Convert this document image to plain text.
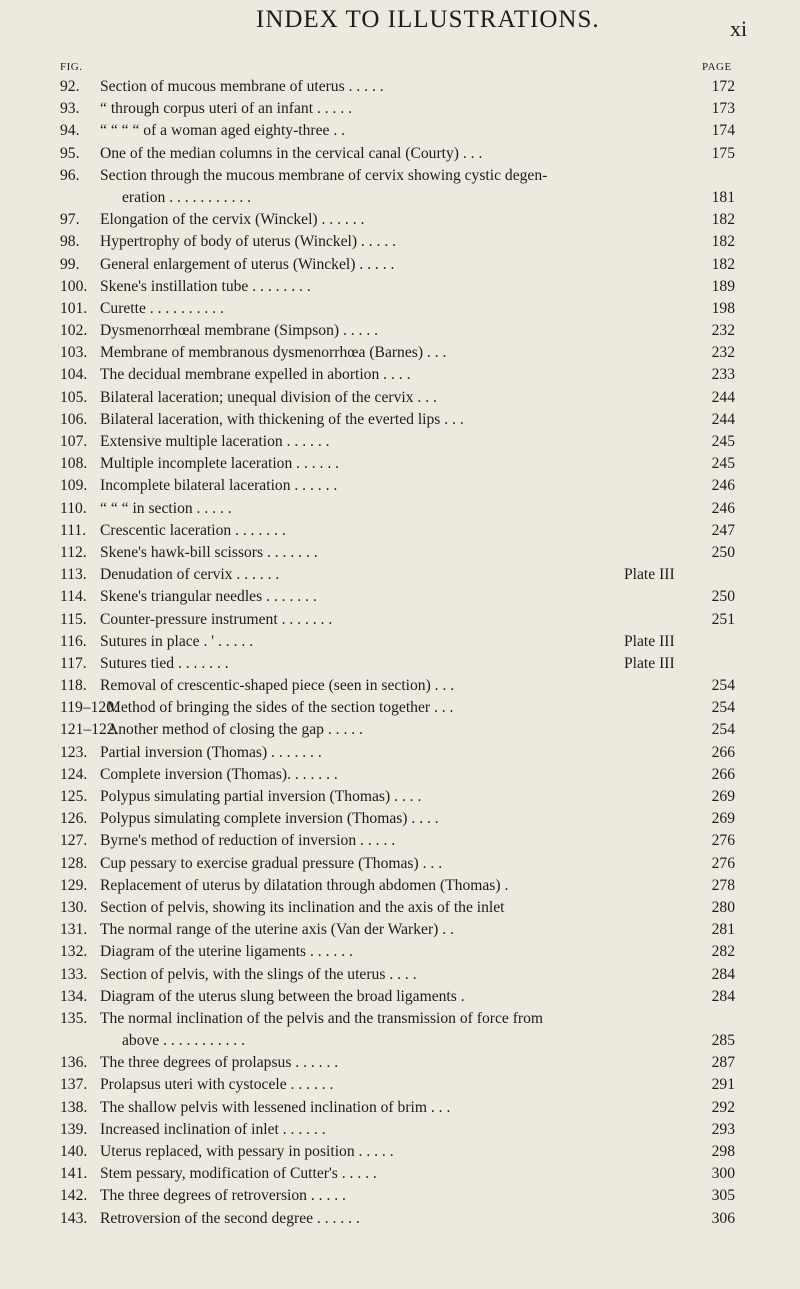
INDEX TO ILLUSTRATIONS.	xi
FIG.	PAGE
92. Section of mucous membrane of uterus . . . . .	172
93. “ through corpus uteri of an infant . . . . .	173
94. “ “ “ “ of a woman aged eighty-three . .	174
95. One of the median columns in the cervical canal (Courty) . . .	175
96. Section through the mucous membrane of cervix showing cystic degen-
eration . . . . . . . . . . .	181
97. Elongation of the cervix (Winckel) . . . . . .	182
98. Hypertrophy of body of uterus (Winckel) . . . . .	182
99. General enlargement of uterus (Winckel) . . . . .	182
100. Skene's instillation tube . . . . . . . .	189
101. Curette . . . . . . . . . .	198
102. Dysmenorrhœal membrane (Simpson) . . . . .	232
103. Membrane of membranous dysmenorrhœa (Barnes) . . .	232
104. The decidual membrane expelled in abortion . . . .	233
105. Bilateral laceration; unequal division of the cervix . . .	244
106. Bilateral laceration, with thickening of the everted lips . . .	244
107. Extensive multiple laceration . . . . . .	245
108. Multiple incomplete laceration . . . . . .	245
109. Incomplete bilateral laceration . . . . . .	246
110. “ “ “ in section . . . . .	246
111. Crescentic laceration . . . . . . .	247
112. Skene's hawk-bill scissors . . . . . . .	250
113. Denudation of cervix . . . . . .	Plate III
114. Skene's triangular needles . . . . . . .	250
115. Counter-pressure instrument . . . . . . .	251
116. Sutures in place . ' . . . . .	Plate III
117. Sutures tied . . . . . . .	Plate III
118. Removal of crescentic-shaped piece (seen in section) . . .	254
119–120.
Method of bringing the sides of the section together . . .	254
121–122.
Another method of closing the gap . . . . .	254
123. Partial inversion (Thomas) . . . . . . .	266
124. Complete inversion (Thomas). . . . . . .	266
125. Polypus simulating partial inversion (Thomas) . . . .	269
126. Polypus simulating complete inversion (Thomas) . . . .	269
127. Byrne's method of reduction of inversion . . . . .	276
128. Cup pessary to exercise gradual pressure (Thomas) . . .	276
129. Replacement of uterus by dilatation through abdomen (Thomas) .	278
130. Section of pelvis, showing its inclination and the axis of the inlet	280
131. The normal range of the uterine axis (Van der Warker) . .	281
132. Diagram of the uterine ligaments . . . . . .	282
133. Section of pelvis, with the slings of the uterus . . . .	284
134. Diagram of the uterus slung between the broad ligaments .	284
135. The normal inclination of the pelvis and the transmission of force from
above . . . . . . . . . . .	285
136. The three degrees of prolapsus . . . . . .	287
137. Prolapsus uteri with cystocele . . . . . .	291
138. The shallow pelvis with lessened inclination of brim . . .	292
139. Increased inclination of inlet . . . . . .	293
140. Uterus replaced, with pessary in position . . . . .	298
141. Stem pessary, modification of Cutter's . . . . .	300
142. The three degrees of retroversion . . . . .	305
143. Retroversion of the second degree . . . . . .	306
